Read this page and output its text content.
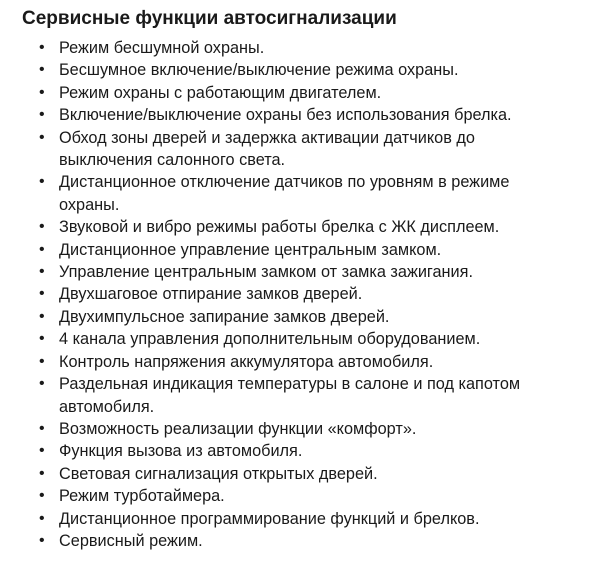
Сервисные функции автосигнализации
• Режим бесшумной охраны.
• Бесшумное включение/выключение режима охраны.
• Режим охраны с работающим двигателем.
• Включение/выключение охраны без использования брелка.
• Обход зоны дверей и задержка активации датчиков до
выключения салонного света.
• Дистанционное отключение датчиков по уровням в режиме
охраны.
• Звуковой и вибро режимы работы брелка с ЖК дисплеем.
• Дистанционное управление центральным замком.
• Управление центральным замком от замка зажигания.
• Двухшаговое отпирание замков дверей.
• Двухимпульсное запирание замков дверей.
• 4 канала управления дополнительным оборудованием.
• Контроль напряжения аккумулятора автомобиля.
• Раздельная индикация температуры в салоне и под капотом
автомобиля.
• Возможность реализации функции «комфорт».
• Функция вызова из автомобиля.
• Световая сигнализация открытых дверей.
• Режим турботаймера.
• Дистанционное программирование функций и брелков.
• Сервисный режим.
